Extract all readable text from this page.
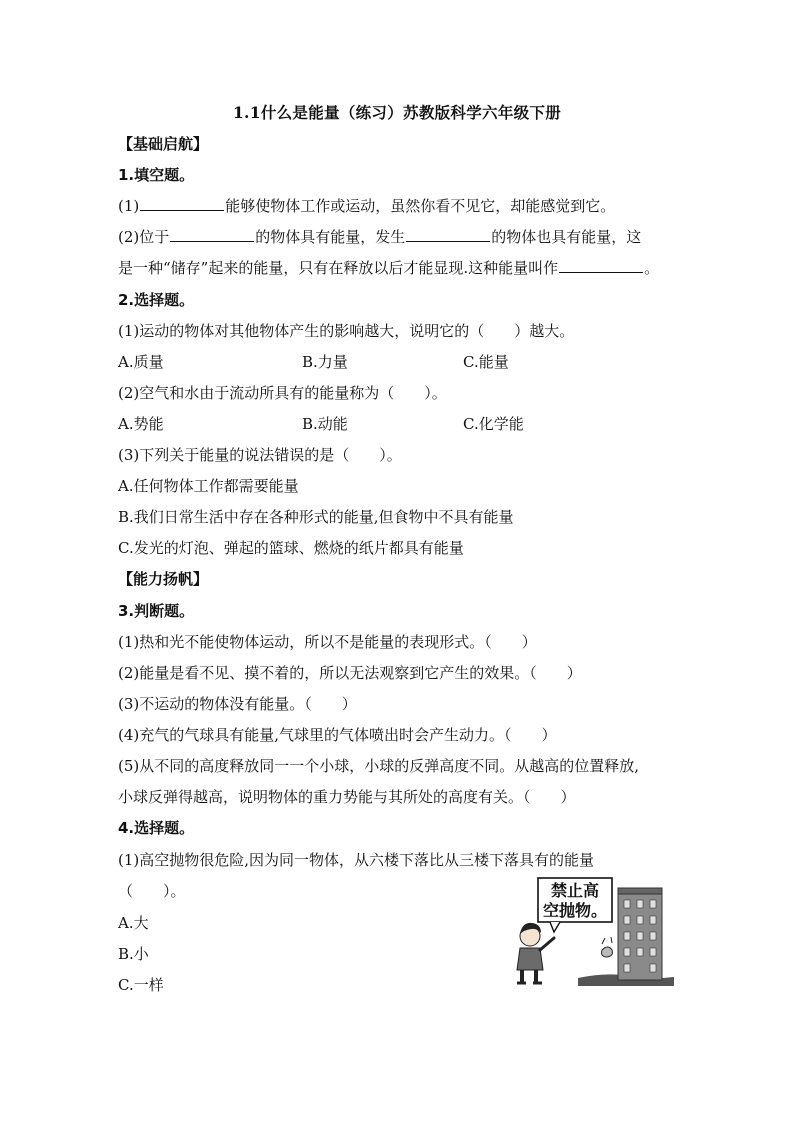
1.1什么是能量（练习）苏教版科学六年级下册
【基础启航】
1.填空题。
(1)	能够使物体工作或运动，虽然你看不见它，却能感觉到它。
(2)位于	的物体具有能量，发生	的物体也具有能量，这
是一种“储存”起来的能量，只有在释放以后才能显现.这种能量叫作	。
2.选择题。
(1)运动的物体对其他物体产生的影响越大，说明它的（　　）越大。
A.质量	B.力量	C.能量
(2)空气和水由于流动所具有的能量称为（　　）。
A.势能	B.动能	C.化学能
(3)下列关于能量的说法错误的是（　　）。
A.任何物体工作都需要能量
B.我们日常生活中存在各种形式的能量,但食物中不具有能量
C.发光的灯泡、弹起的篮球、燃烧的纸片都具有能量
【能力扬帆】
3.判断题。
(1)热和光不能使物体运动，所以不是能量的表现形式。（　　）
(2)能量是看不见、摸不着的，所以无法观察到它产生的效果。（　　）
(3)不运动的物体没有能量。（　　）
(4)充气的气球具有能量,气球里的气体喷出时会产生动力。（　　）
(5)从不同的高度释放同一一个小球，小球的反弹高度不同。从越高的位置释放,
小球反弹得越高，说明物体的重力势能与其所处的高度有关。（　　）
4.选择题。
(1)高空抛物很危险,因为同一物体，从六楼下落比从三楼下落具有的能量
（　　）。
A.大
B.小
C.一样
禁止高
空抛物。
